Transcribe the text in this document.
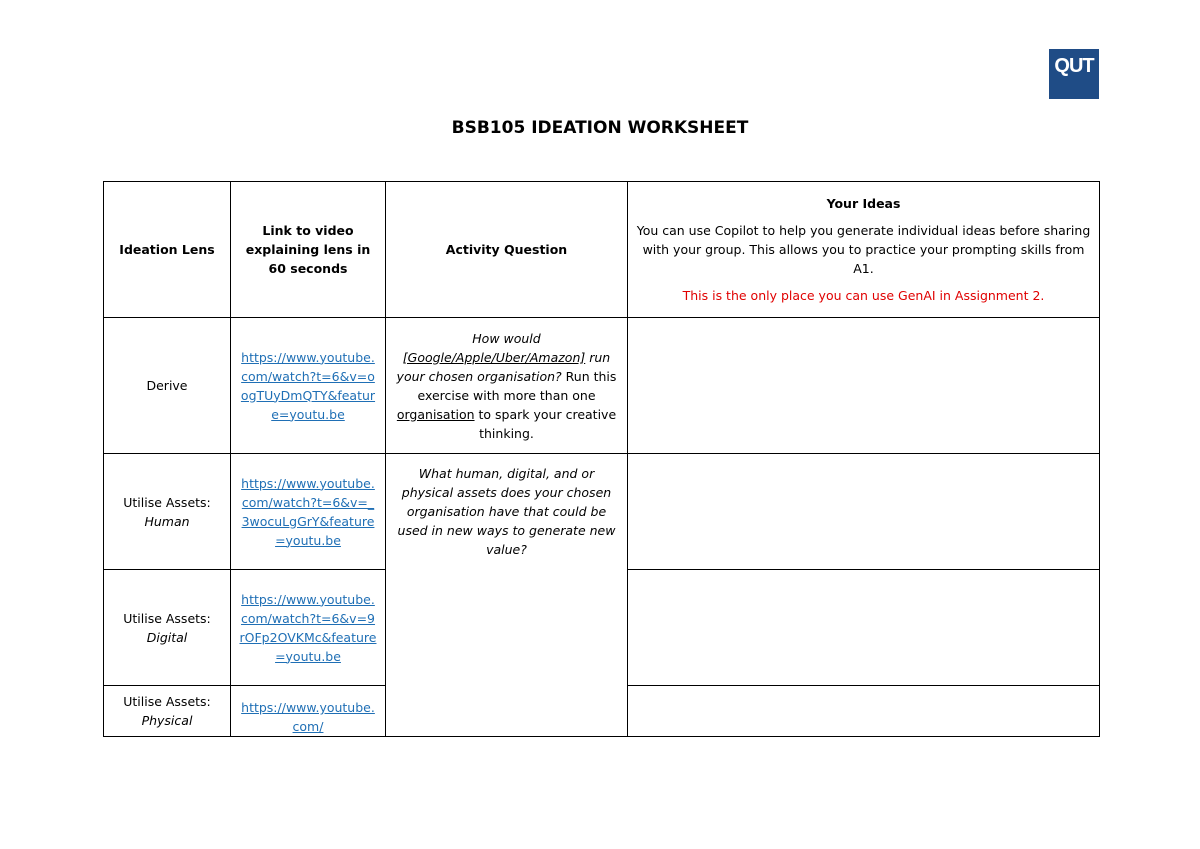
QUT
BSB105 IDEATION WORKSHEET
Ideation Lens	Link to video explaining lens in 60 seconds	Activity Question	Your Ideas
You can use Copilot to help you generate individual ideas before sharing with your group. This allows you to practice your prompting skills from A1.
This is the only place you can use GenAI in Assignment 2.

Derive	https://www.youtube.com/watch?t=6&v=oogTUyDmQTY&feature=youtu.be	How would [Google/Apple/Uber/Amazon] run your chosen organisation? Run this exercise with more than one organisation to spark your creative thinking.	

Utilise Assets:
Human	https://www.youtube.com/watch?t=6&v=_3wocuLgGrY&feature=youtu.be	What human, digital, and or physical assets does your chosen organisation have that could be used in new ways to generate new value?	

Utilise Assets:
Digital	https://www.youtube.com/watch?t=6&v=9rOFp2OVKMc&feature=youtu.be		

Utilise Assets:
Physical	https://www.youtube.com/		
